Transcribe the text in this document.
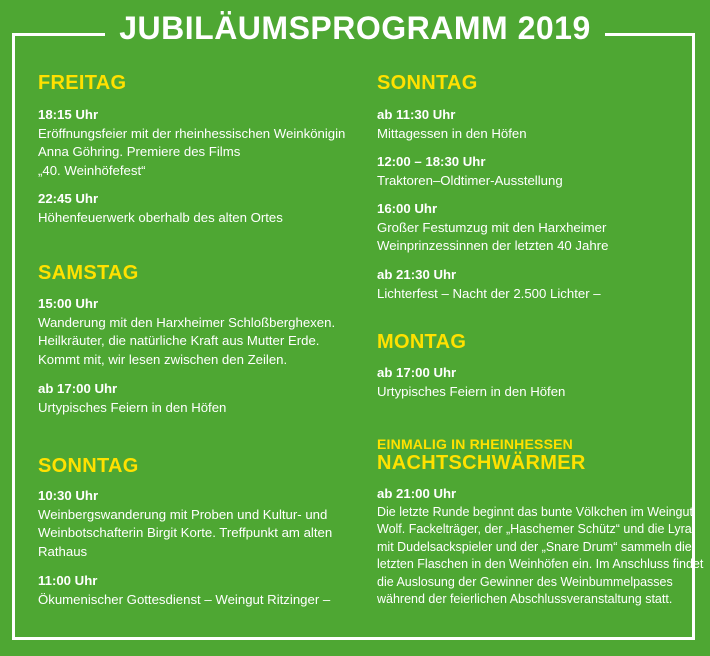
JUBILÄUMSPROGRAMM 2019
FREITAG
18:15 Uhr
Eröffnungsfeier mit der rheinhessischen Weinkönigin
Anna Göhring. Premiere des Films
„40. Weinhöfefest“
22:45 Uhr
Höhenfeuerwerk oberhalb des alten Ortes
SAMSTAG
15:00 Uhr
Wanderung mit den Harxheimer Schloßberghexen.
Heilkräuter, die natürliche Kraft aus Mutter Erde.
Kommt mit, wir lesen zwischen den Zeilen.
ab 17:00 Uhr
Urtypisches Feiern in den Höfen
SONNTAG
10:30 Uhr
Weinbergswanderung mit Proben und Kultur- und
Weinbotschafterin Birgit Korte. Treffpunkt am alten
Rathaus
11:00 Uhr
Ökumenischer Gottesdienst – Weingut Ritzinger –
SONNTAG
ab 11:30 Uhr
Mittagessen in den Höfen
12:00 – 18:30 Uhr
Traktoren–Oldtimer-Ausstellung
16:00 Uhr
Großer Festumzug mit den Harxheimer
Weinprinzessinnen der letzten 40 Jahre
ab 21:30 Uhr
Lichterfest – Nacht der 2.500 Lichter –
MONTAG
ab 17:00 Uhr
Urtypisches Feiern in den Höfen
EINMALIG IN RHEINHESSEN
NACHTSCHWÄRMER
ab 21:00 Uhr
Die letzte Runde beginnt das bunte Völkchen im Weingut
Wolf. Fackelträger, der „Haschemer Schütz“ und die Lyra
mit Dudelsackspieler und der „Snare Drum“ sammeln die
letzten Flaschen in den Weinhöfen ein. Im Anschluss findet
die Auslosung der Gewinner des Weinbummelpasses
während der feierlichen Abschlussveranstaltung statt.
